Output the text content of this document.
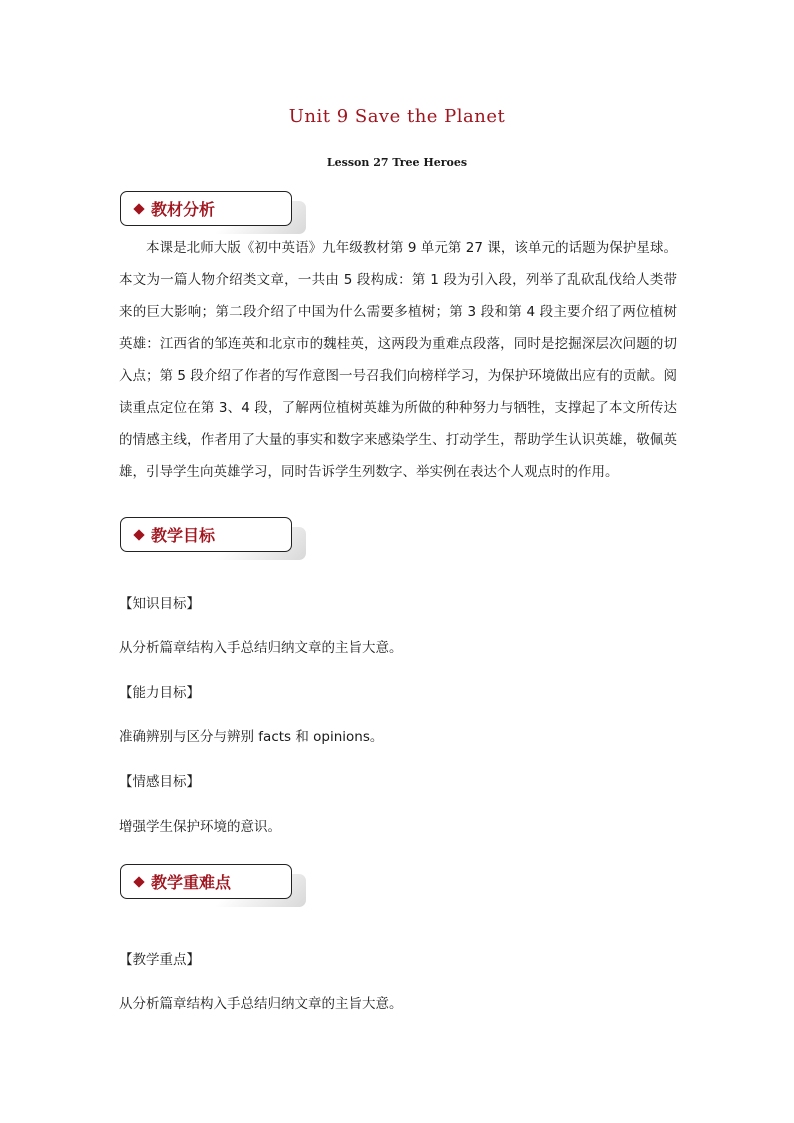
Unit 9 Save the Planet
Lesson 27 Tree Heroes
教材分析
本课是北师大版《初中英语》九年级教材第 9 单元第 27 课，该单元的话题为保护星球。本文为一篇人物介绍类文章，一共由 5 段构成：第 1 段为引入段，列举了乱砍乱伐给人类带来的巨大影响；第二段介绍了中国为什么需要多植树；第 3 段和第 4 段主要介绍了两位植树英雄：江西省的邹连英和北京市的魏桂英，这两段为重难点段落，同时是挖掘深层次问题的切入点；第 5 段介绍了作者的写作意图一号召我们向榜样学习，为保护环境做出应有的贡献。阅读重点定位在第 3、4 段，了解两位植树英雄为所做的种种努力与牺牲，支撑起了本文所传达的情感主线，作者用了大量的事实和数字来感染学生、打动学生，帮助学生认识英雄，敬佩英雄，引导学生向英雄学习，同时告诉学生列数字、举实例在表达个人观点时的作用。
教学目标
【知识目标】
从分析篇章结构入手总结归纳文章的主旨大意。
【能力目标】
准确辨别与区分与辨别 facts 和 opinions。
【情感目标】
增强学生保护环境的意识。
教学重难点
【教学重点】
从分析篇章结构入手总结归纳文章的主旨大意。
